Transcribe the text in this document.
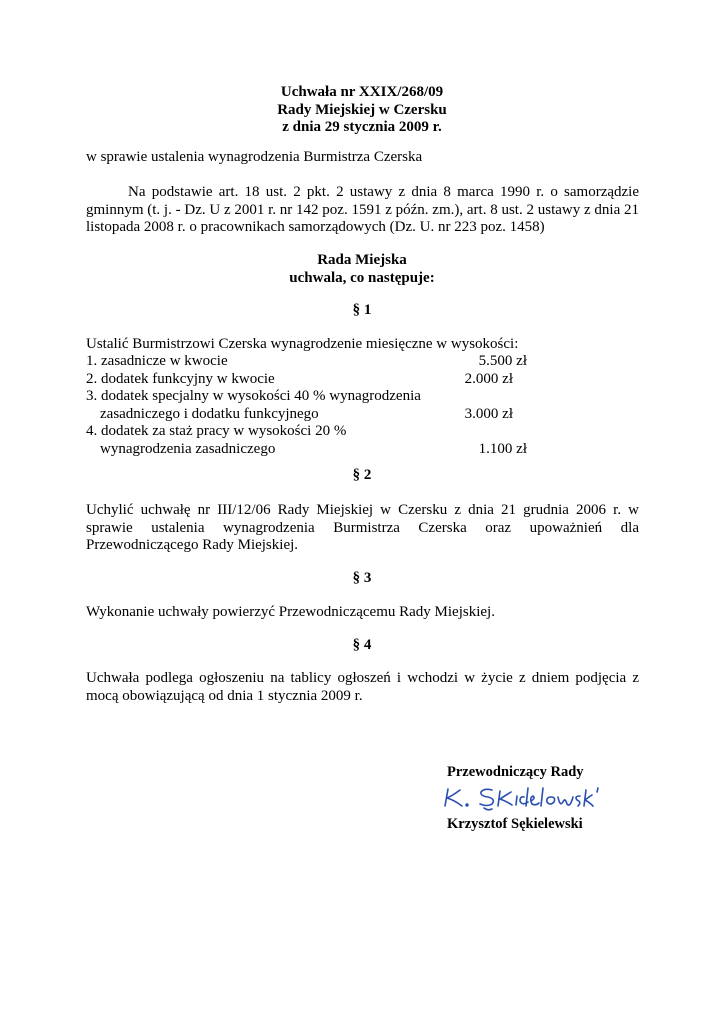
Uchwała nr XXIX/268/09
Rady Miejskiej w Czersku
z dnia 29 stycznia 2009 r.
w sprawie ustalenia wynagrodzenia Burmistrza Czerska
Na podstawie art. 18 ust. 2 pkt. 2 ustawy z dnia 8 marca 1990 r. o samorządzie gminnym (t. j. - Dz. U z 2001 r. nr 142 poz. 1591 z późn. zm.), art. 8 ust. 2 ustawy z dnia 21 listopada 2008 r. o pracownikach samorządowych (Dz. U. nr 223 poz. 1458)
Rada Miejska
uchwala, co następuje:
§ 1
Ustalić Burmistrzowi Czerska wynagrodzenie miesięczne w wysokości:
1. zasadnicze w kwocie	5.500 zł
2. dodatek funkcyjny w kwocie	2.000 zł
3. dodatek specjalny w wysokości 40 % wynagrodzenia
zasadniczego i dodatku funkcyjnego	3.000 zł
4. dodatek za staż pracy w wysokości 20 %
wynagrodzenia zasadniczego	1.100 zł
§ 2
Uchylić uchwałę nr III/12/06 Rady Miejskiej w Czersku z dnia 21 grudnia 2006 r. w sprawie ustalenia wynagrodzenia Burmistrza Czerska oraz upoważnień dla Przewodniczącego Rady Miejskiej.
§ 3
Wykonanie uchwały powierzyć Przewodniczącemu Rady Miejskiej.
§ 4
Uchwała podlega ogłoszeniu na tablicy ogłoszeń i wchodzi w życie z dniem podjęcia z mocą obowiązującą od dnia 1 stycznia 2009 r.
Przewodniczący Rady
Krzysztof Sękielewski
